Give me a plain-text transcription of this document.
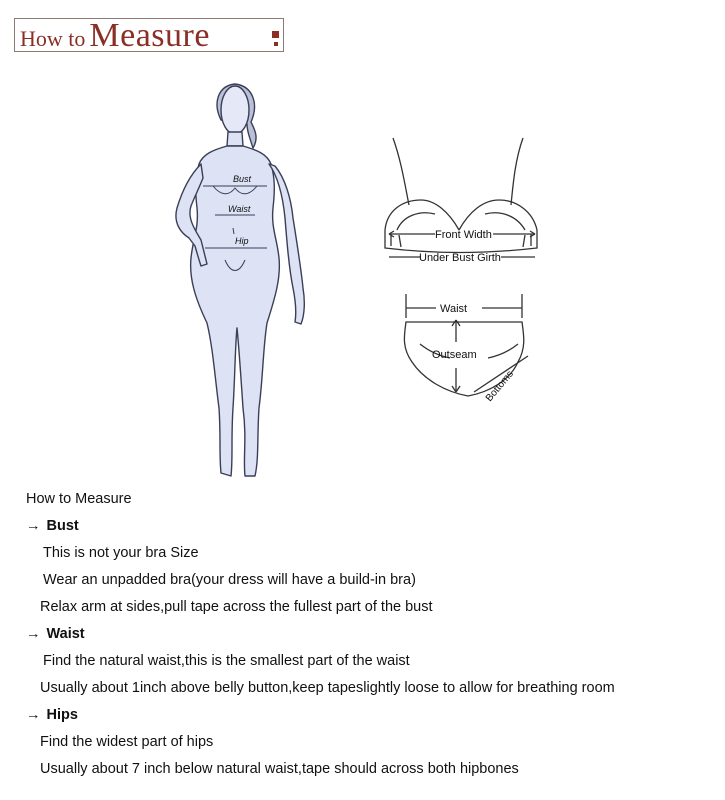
How to Measure
Bust
Waist
Hip	Front Width
Under Bust Girth
Waist
Outseam
Bottoms
How to Measure
→ Bust
This is not your bra Size
Wear an unpadded bra(your dress will have a build-in bra)
Relax arm at sides,pull tape across the fullest part of the bust
→ Waist
Find the natural waist,this is the smallest part of the waist
Usually about 1inch above belly button,keep tapeslightly loose to allow for breathing room
→ Hips
Find the widest part of hips
Usually about 7 inch below natural waist,tape should across both hipbones
